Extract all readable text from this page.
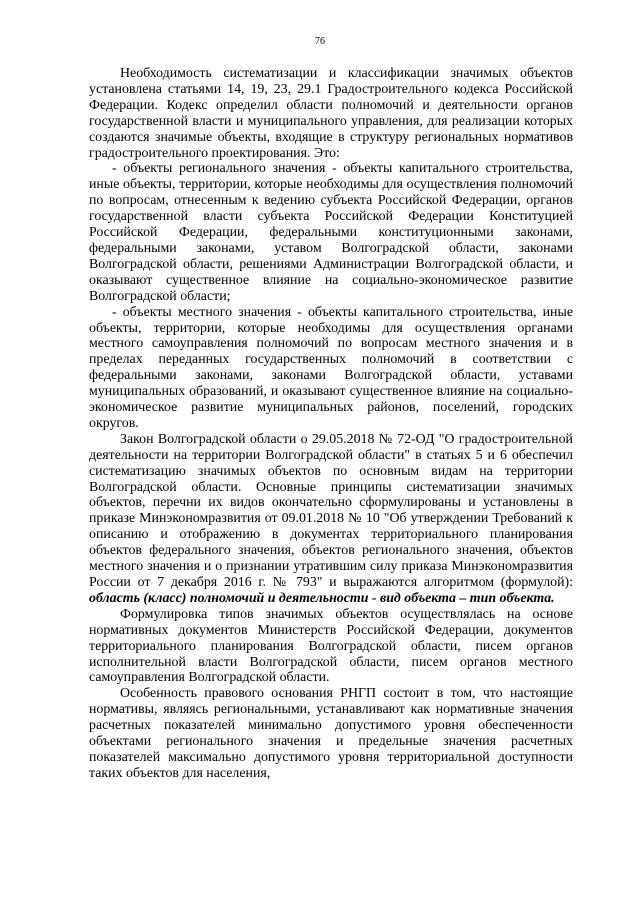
76

Необходимость систематизации и классификации значимых объектов установлена статьями 14, 19, 23, 29.1 Градостроительного кодекса Российской Федерации. Кодекс определил области полномочий и деятельности органов государственной власти и муниципального управления, для реализации которых создаются значимые объекты, входящие в структуру региональных нормативов градостроительного проектирования. Это:

- объекты регионального значения - объекты капитального строительства, иные объекты, территории, которые необходимы для осуществления полномочий по вопросам, отнесенным к ведению субъекта Российской Федерации, органов государственной власти субъекта Российской Федерации Конституцией Российской Федерации, федеральными конституционными законами, федеральными законами, уставом Волгоградской области, законами Волгоградской области, решениями Администрации Волгоградской области, и оказывают существенное влияние на социально-экономическое развитие Волгоградской области;

- объекты местного значения - объекты капитального строительства, иные объекты, территории, которые необходимы для осуществления органами местного самоуправления полномочий по вопросам местного значения и в пределах переданных государственных полномочий в соответствии с федеральными законами, законами Волгоградской области, уставами муниципальных образований, и оказывают существенное влияние на социально-экономическое развитие муниципальных районов, поселений, городских округов.

Закон Волгоградской области о 29.05.2018 № 72-ОД "О градостроительной деятельности на территории Волгоградской области" в статьях 5 и 6 обеспечил систематизацию значимых объектов по основным видам на территории Волгоградской области. Основные принципы систематизации значимых объектов, перечни их видов окончательно сформулированы и установлены в приказе Минэкономразвития от 09.01.2018 № 10 "Об утверждении Требований к описанию и отображению в документах территориального планирования объектов федерального значения, объектов регионального значения, объектов местного значения и о признании утратившим силу приказа Минэкономразвития России от 7 декабря 2016 г. № 793" и выражаются алгоритмом (формулой): область (класс) полномочий и деятельности - вид объекта – тип объекта.

Формулировка типов значимых объектов осуществлялась на основе нормативных документов Министерств Российской Федерации, документов территориального планирования Волгоградской области, писем органов исполнительной власти Волгоградской области, писем органов местного самоуправления Волгоградской области.

Особенность правового основания РНГП состоит в том, что настоящие нормативы, являясь региональными, устанавливают как нормативные значения расчетных показателей минимально допустимого уровня обеспеченности объектами регионального значения и предельные значения расчетных показателей максимально допустимого уровня территориальной доступности таких объектов для населения,
